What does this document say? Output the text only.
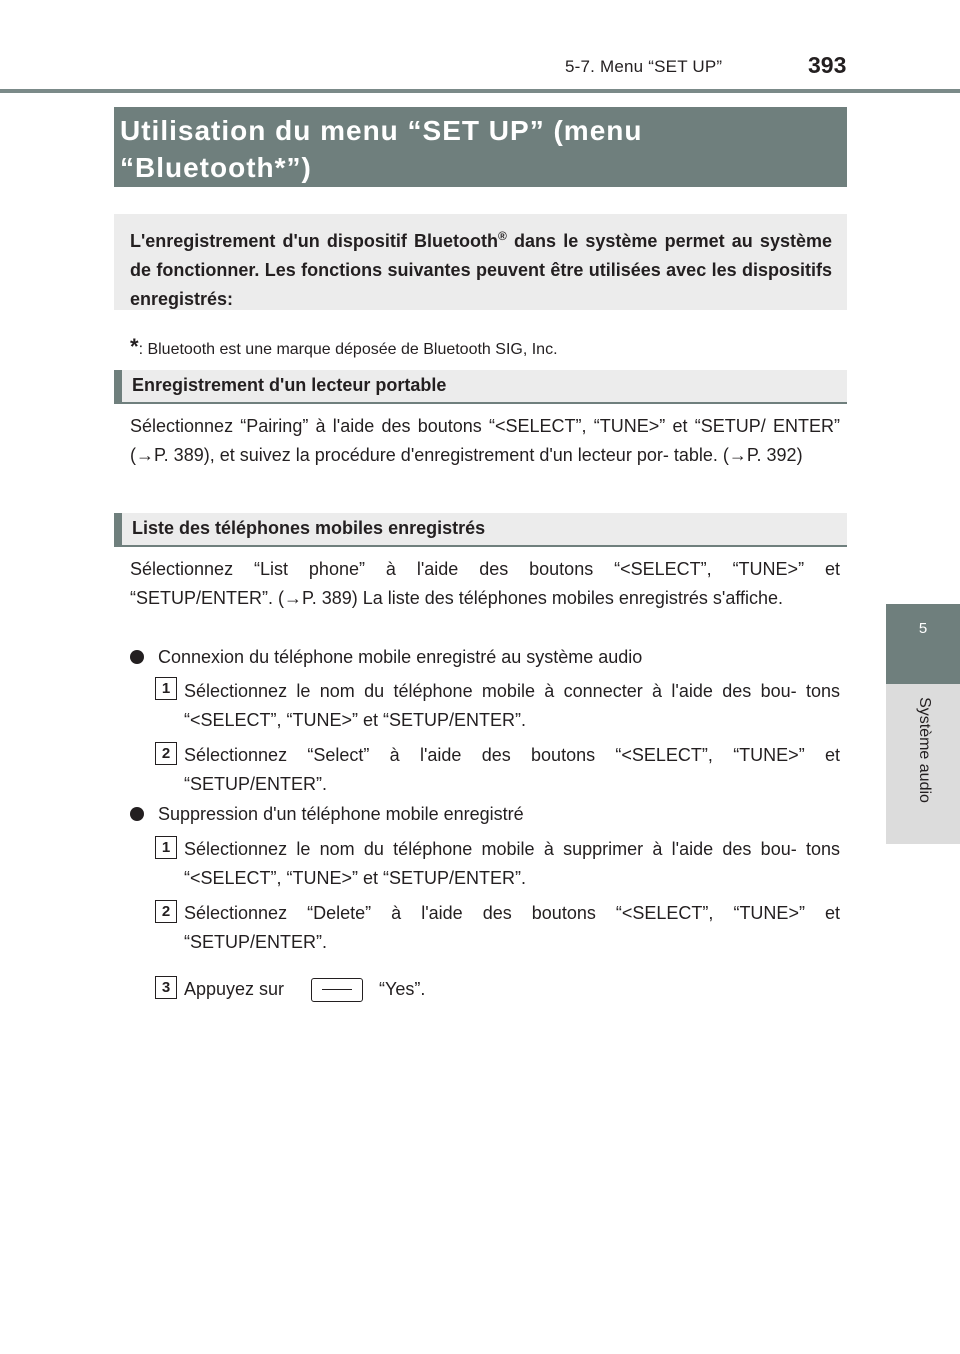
5-7. Menu “SET UP”	393
5
Système audio
Utilisation du menu “SET UP” (menu
“Bluetooth*”)
L'enregistrement d'un dispositif Bluetooth® dans le système permet au système de fonctionner. Les fonctions suivantes peuvent être utilisées avec les dispositifs enregistrés:
*: Bluetooth est une marque déposée de Bluetooth SIG, Inc.
Enregistrement d'un lecteur portable
Sélectionnez “Pairing” à l'aide des boutons “<SELECT”, “TUNE>” et “SETUP/ ENTER” (→P. 389), et suivez la procédure d'enregistrement d'un lecteur por- table. (→P. 392)
Liste des téléphones mobiles enregistrés
Sélectionnez “List phone” à l'aide des boutons “<SELECT”, “TUNE>” et “SETUP/ENTER”. (→P. 389) La liste des téléphones mobiles enregistrés s'affiche.
Connexion du téléphone mobile enregistré au système audio
1 Sélectionnez le nom du téléphone mobile à connecter à l'aide des bou- tons “<SELECT”, “TUNE>” et “SETUP/ENTER”.
2 Sélectionnez “Select” à l'aide des boutons “<SELECT”, “TUNE>” et “SETUP/ENTER”.
Suppression d'un téléphone mobile enregistré
1 Sélectionnez le nom du téléphone mobile à supprimer à l'aide des bou- tons “<SELECT”, “TUNE>” et “SETUP/ENTER”.
2 Sélectionnez “Delete” à l'aide des boutons “<SELECT”, “TUNE>” et “SETUP/ENTER”.
3 Appuyez sur	“Yes”.
